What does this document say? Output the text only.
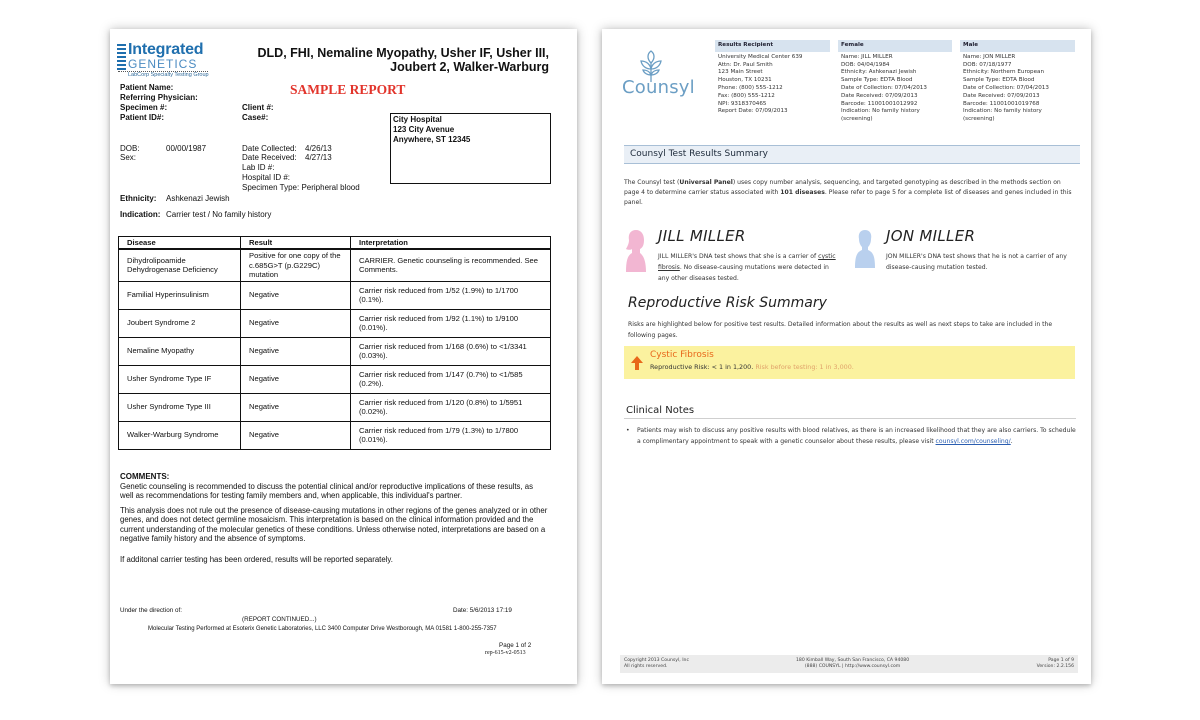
Integrated
GENETICS
LabCorp Specialty Testing Group
DLD, FHI, Nemaline Myopathy, Usher IF, Usher III, Joubert 2, Walker-Warburg
SAMPLE REPORT
Patient Name:
Referring Physician:
Specimen #:
Patient ID#:
Client #:
Case#:	City Hospital
123 City Avenue
Anywhere, ST 12345
DOB:	00/00/1987
Sex:
Date Collected: 4/26/13
Date Received: 4/27/13
Lab ID #:
Hospital ID #:
Specimen Type: Peripheral blood
Ethnicity: Ashkenazi Jewish
Indication: Carrier test / No family history
Disease	Result	Interpretation
Dihydrolipoamide Dehydrogenase Deficiency	Positive for one copy of the c.685G>T (p.G229C) mutation	CARRIER. Genetic counseling is recommended. See Comments.
Familial Hyperinsulinism	Negative	Carrier risk reduced from 1/52 (1.9%) to 1/1700 (0.1%).
Joubert Syndrome 2	Negative	Carrier risk reduced from 1/92 (1.1%) to 1/9100 (0.01%).
Nemaline Myopathy	Negative	Carrier risk reduced from 1/168 (0.6%) to <1/3341 (0.03%).
Usher Syndrome Type IF	Negative	Carrier risk reduced from 1/147 (0.7%) to <1/585 (0.2%).
Usher Syndrome Type III	Negative	Carrier risk reduced from 1/120 (0.8%) to 1/5951 (0.02%).
Walker-Warburg Syndrome	Negative	Carrier risk reduced from 1/79 (1.3%) to 1/7800 (0.01%).
COMMENTS:
Genetic counseling is recommended to discuss the potential clinical and/or reproductive implications of these results, as well as recommendations for testing family members and, when applicable, this individual's partner.
This analysis does not rule out the presence of disease-causing mutations in other regions of the genes analyzed or in other genes, and does not detect germline mosaicism. This interpretation is based on the clinical information provided and the current understanding of the molecular genetics of these conditions. Unless otherwise noted, interpretations are based on a negative family history and the absence of symptoms.
If additonal carrier testing has been ordered, results will be reported separately.
Under the direction of:	Date: 5/6/2013 17:19
(REPORT CONTINUED...)
Molecular Testing Performed at Esoterix Genetic Laboratories, LLC 3400 Computer Drive Westborough, MA 01581 1-800-255-7357
Page 1 of 2
rep-615-v2-0513
Counsyl
Results Recipient
University Medical Center 639
Attn: Dr. Paul Smith
123 Main Street
Houston, TX 10231
Phone: (800) 555-1212
Fax: (800) 555-1212
NPI: 9318370465
Report Date: 07/09/2013
Female
Name: JILL MILLER
DOB: 04/04/1984
Ethnicity: Ashkenazi Jewish
Sample Type: EDTA Blood
Date of Collection: 07/04/2013
Date Received: 07/09/2013
Barcode: 11001001012992
Indication: No family history
(screening)
Male
Name: JON MILLER
DOB: 07/18/1977
Ethnicity: Northern European
Sample Type: EDTA Blood
Date of Collection: 07/04/2013
Date Received: 07/09/2013
Barcode: 11001001019768
Indication: No family history
(screening)
Counsyl Test Results Summary
The Counsyl test (Universal Panel) uses copy number analysis, sequencing, and targeted genotyping as described in the methods section on page 4 to determine carrier status associated with 101 diseases. Please refer to page 5 for a complete list of diseases and genes included in this panel.
JILL MILLER
JILL MILLER's DNA test shows that she is a carrier of cystic fibrosis. No disease-causing mutations were detected in any other diseases tested.
JON MILLER
JON MILLER's DNA test shows that he is not a carrier of any disease-causing mutation tested.
Reproductive Risk Summary
Risks are highlighted below for positive test results. Detailed information about the results as well as next steps to take are included in the following pages.
Cystic Fibrosis
Reproductive Risk: < 1 in 1,200. Risk before testing: 1 in 3,000.
Clinical Notes
• Patients may wish to discuss any positive results with blood relatives, as there is an increased likelihood that they are also carriers. To schedule a complimentary appointment to speak with a genetic counselor about these results, please visit counsyl.com/counseling/.
Copyright 2013 Counsyl, Inc
All rights reserved.
180 Kimball Way, South San Francisco, CA 94080
(888) COUNSYL | http://www.counsyl.com
Page 1 of 9
Version: 2.2.156
